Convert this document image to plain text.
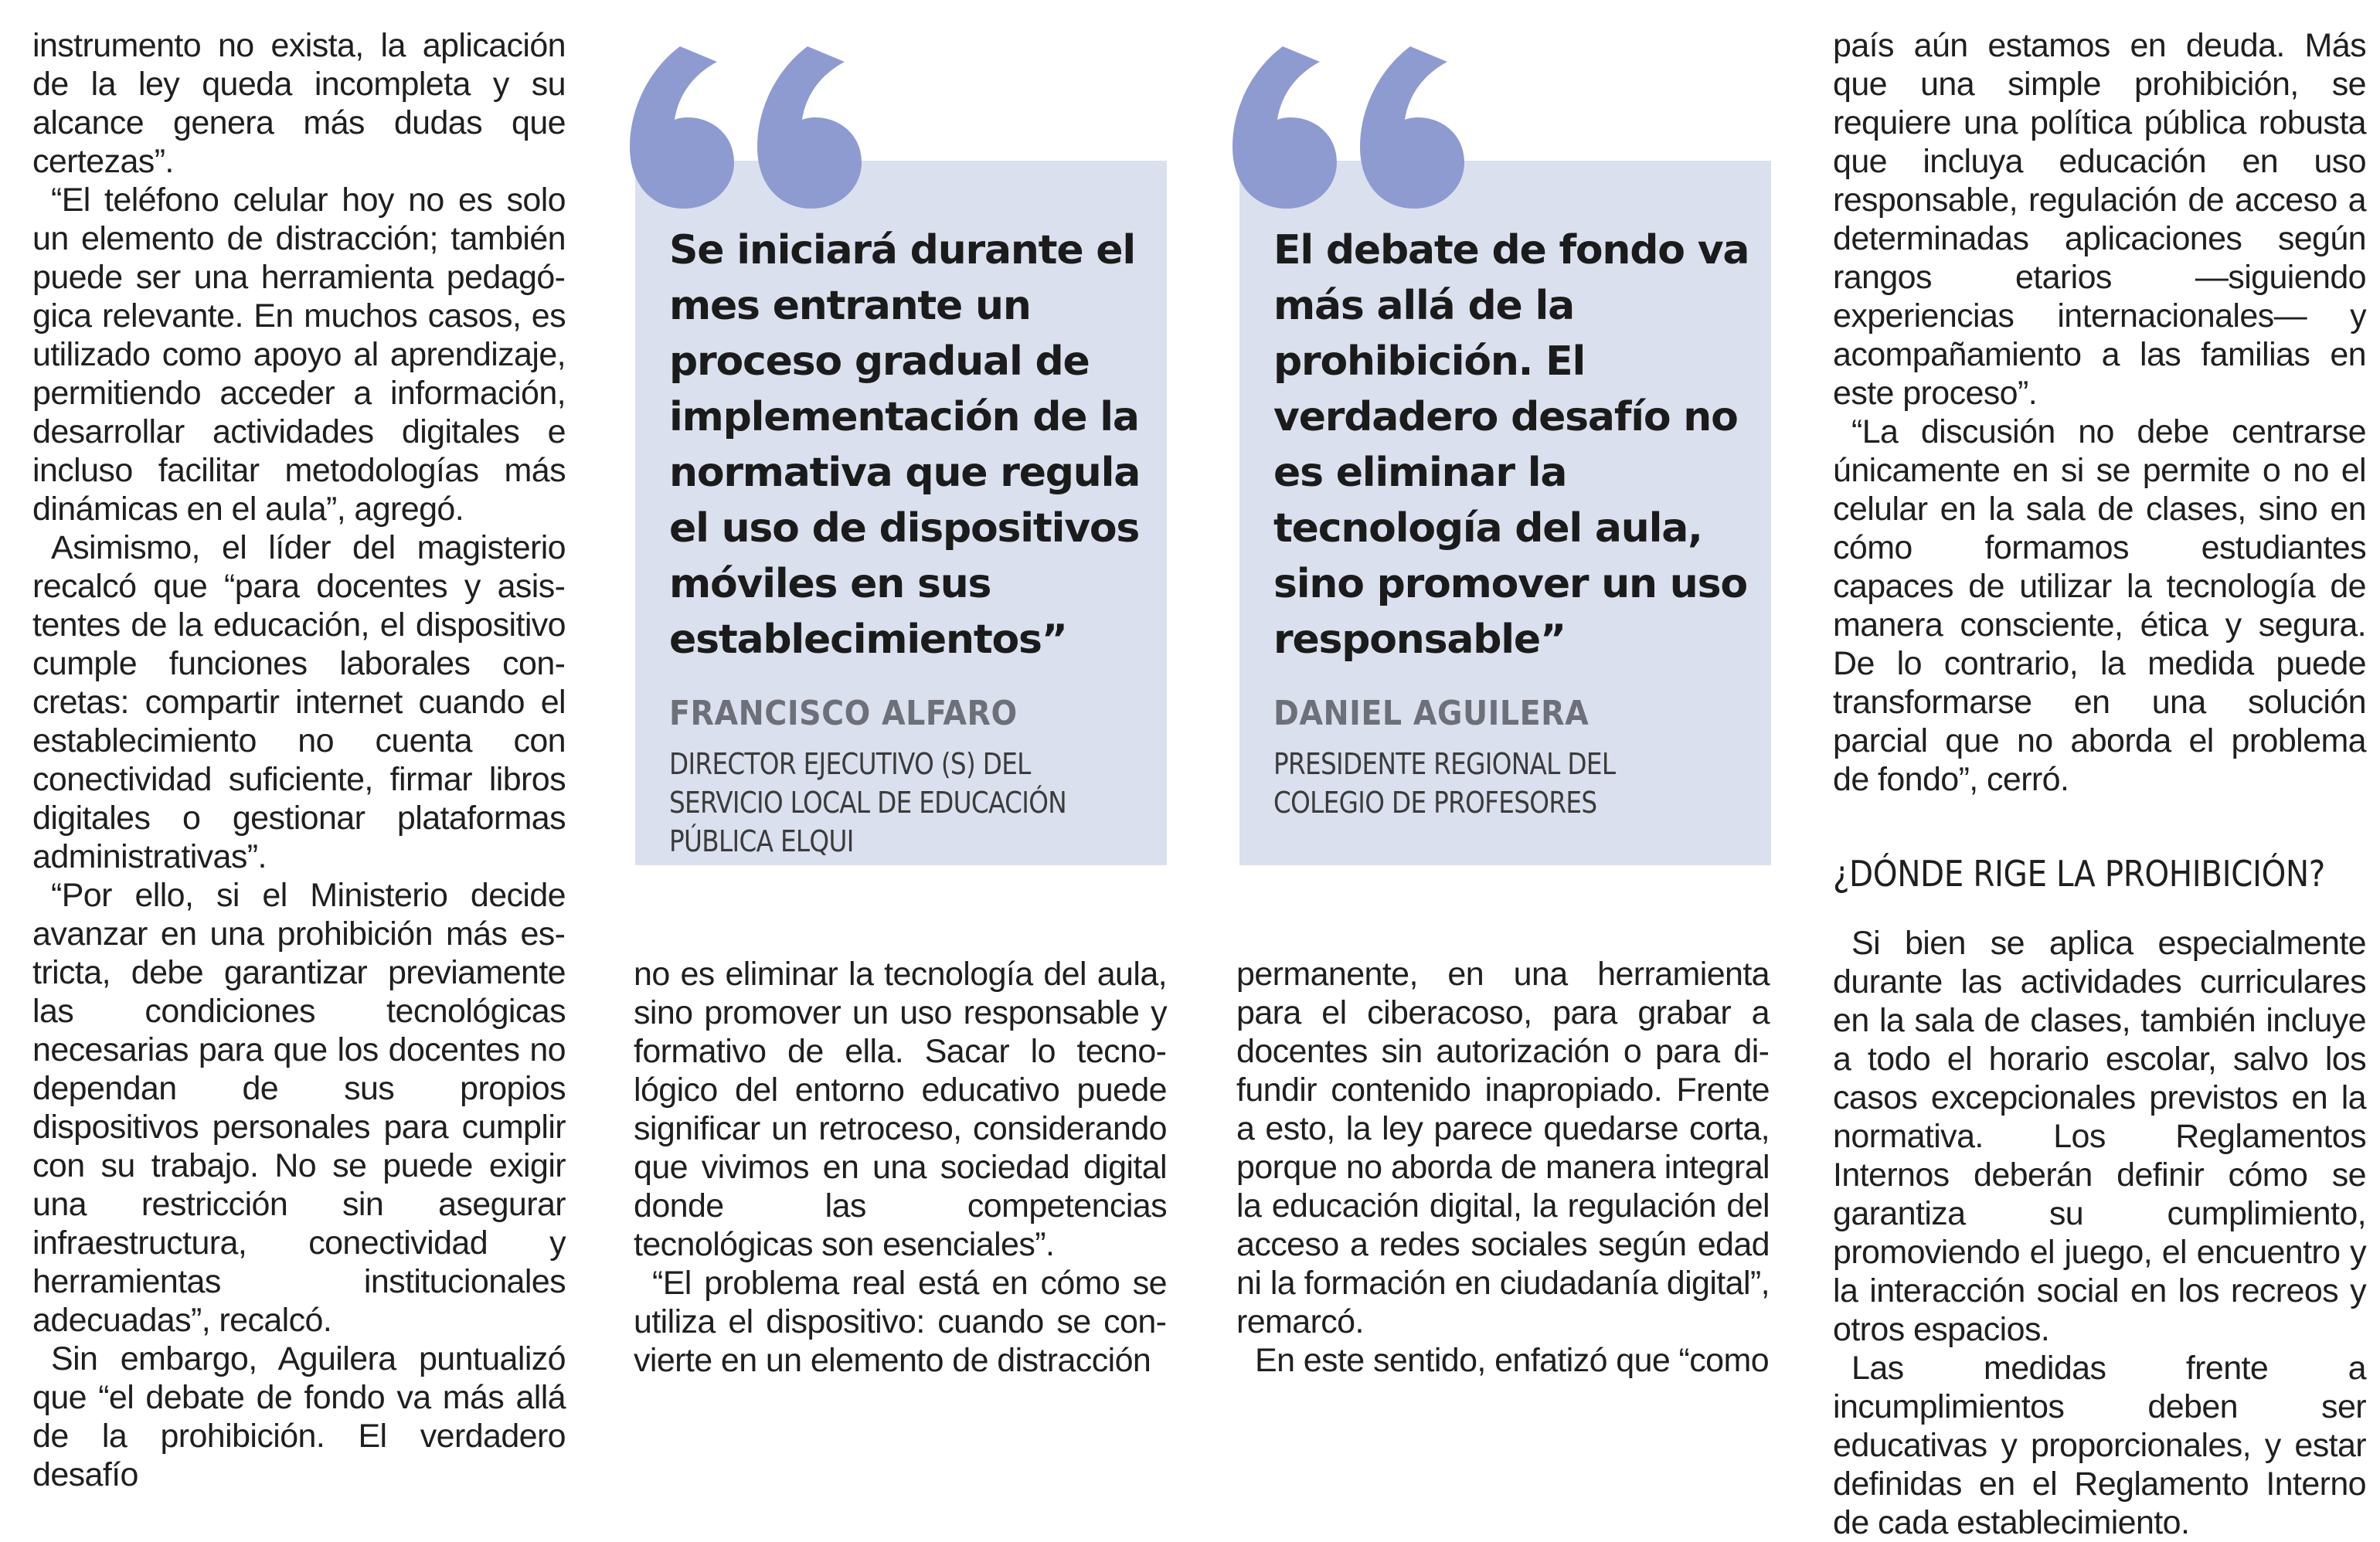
instrumento no exista, la aplicación de la ley queda incompleta y su alcance genera más dudas que certezas”.

“El teléfono celular hoy no es solo un elemento de distracción; también puede ser una herramienta pedagógica relevante. En muchos casos, es utilizado como apoyo al aprendizaje, permitiendo acceder a información, desarrollar actividades digitales e incluso facilitar metodologías más dinámicas en el aula”, agregó.

Asimismo, el líder del magisterio recalcó que “para docentes y asistentes de la educación, el dispositivo cumple funciones laborales concretas: compartir internet cuando el establecimiento no cuenta con conectividad suficiente, firmar libros digitales o gestionar plataformas administrativas”.

“Por ello, si el Ministerio decide avanzar en una prohibición más estricta, debe garantizar previamente las condiciones tecnológicas necesarias para que los docentes no dependan de sus propios dispositivos personales para cumplir con su trabajo. No se puede exigir una restricción sin asegurar infraestructura, conectividad y herramientas institucionales adecuadas”, recalcó.

Sin embargo, Aguilera puntualizó que “el debate de fondo va más allá de la prohibición. El verdadero desafío

Se iniciará durante el mes entrante un proceso gradual de implementación de la normativa que regula el uso de dispositivos móviles en sus establecimientos”
FRANCISCO ALFARO
DIRECTOR EJECUTIVO (S) DEL SERVICIO LOCAL DE EDUCACIÓN PÚBLICA ELQUI
El debate de fondo va más allá de la prohibición. El verdadero desafío no es eliminar la tecnología del aula, sino promover un uso responsable”
DANIEL AGUILERA
PRESIDENTE REGIONAL DEL COLEGIO DE PROFESORES

no es eliminar la tecnología del aula, sino promover un uso responsable y formativo de ella. Sacar lo tecnológico del entorno educativo puede significar un retroceso, considerando que vivimos en una sociedad digital donde las competencias tecnológicas son esenciales”.

“El problema real está en cómo se utiliza el dispositivo: cuando se convierte en un elemento de distracción

permanente, en una herramienta para el ciberacoso, para grabar a docentes sin autorización o para difundir contenido inapropiado. Frente a esto, la ley parece quedarse corta, porque no aborda de manera integral la educación digital, la regulación del acceso a redes sociales según edad ni la formación en ciudadanía digital”, remarcó.

En este sentido, enfatizó que “como

país aún estamos en deuda. Más que una simple prohibición, se requiere una política pública robusta que incluya educación en uso responsable, regulación de acceso a determinadas aplicaciones según rangos etarios —siguiendo experiencias internacionales— y acompañamiento a las familias en este proceso”.

“La discusión no debe centrarse únicamente en si se permite o no el celular en la sala de clases, sino en cómo formamos estudiantes capaces de utilizar la tecnología de manera consciente, ética y segura. De lo contrario, la medida puede transformarse en una solución parcial que no aborda el problema de fondo”, cerró.

¿DÓNDE RIGE LA PROHIBICIÓN?

Si bien se aplica especialmente durante las actividades curriculares en la sala de clases, también incluye a todo el horario escolar, salvo los casos excepcionales previstos en la normativa. Los Reglamentos Internos deberán definir cómo se garantiza su cumplimiento, promoviendo el juego, el encuentro y la interacción social en los recreos y otros espacios.

Las medidas frente a incumplimientos deben ser educativas y proporcionales, y estar definidas en el Reglamento Interno de cada establecimiento.
